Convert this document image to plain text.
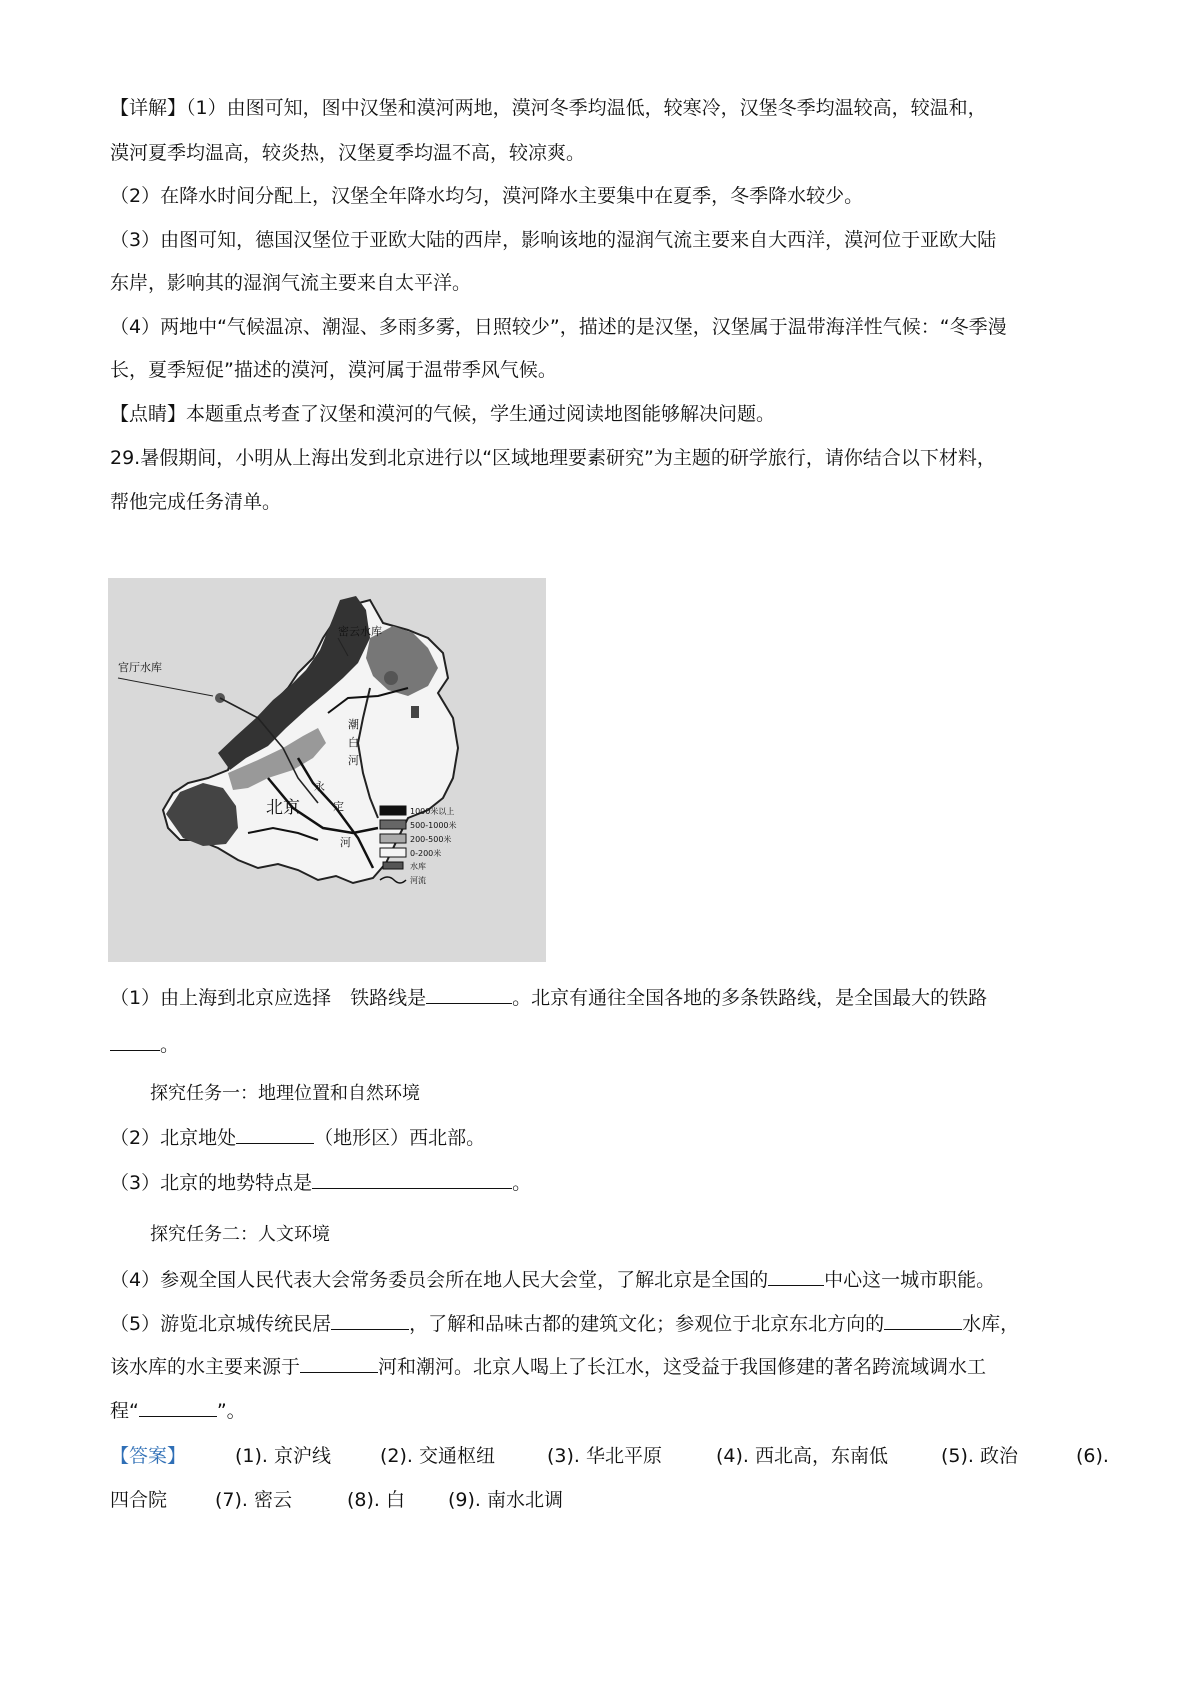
【详解】（1）由图可知，图中汉堡和漠河两地，漠河冬季均温低，较寒冷，汉堡冬季均温较高，较温和，
漠河夏季均温高，较炎热，汉堡夏季均温不高，较凉爽。
（2）在降水时间分配上，汉堡全年降水均匀，漠河降水主要集中在夏季，冬季降水较少。
（3）由图可知，德国汉堡位于亚欧大陆的西岸，影响该地的湿润气流主要来自大西洋，漠河位于亚欧大陆
东岸，影响其的湿润气流主要来自太平洋。
（4）两地中“气候温凉、潮湿、多雨多雾，日照较少”，描述的是汉堡，汉堡属于温带海洋性气候：“冬季漫
长，夏季短促”描述的漠河，漠河属于温带季风气候。
【点睛】本题重点考查了汉堡和漠河的气候，学生通过阅读地图能够解决问题。
29.暑假期间，小明从上海出发到北京进行以“区域地理要素研究”为主题的研学旅行，请你结合以下材料，
帮他完成任务清单。
密云水库
官厅水库
北京
潮
白
河
永
定
河
1000米以上
500-1000米
200-500米
0-200米
水库
河流
（1）由上海到北京应选择　铁路线是	。北京有通往全国各地的多条铁路线，是全国最大的铁路
。
探究任务一：地理位置和自然环境
（2）北京地处	（地形区）西北部。
（3）北京的地势特点是	。
探究任务二：人文环境
（4）参观全国人民代表大会常务委员会所在地人民大会堂，了解北京是全国的	中心这一城市职能。
（5）游览北京城传统民居	，了解和品味古都的建筑文化；参观位于北京东北方向的	水库，
该水库的水主要来源于	河和潮河。北京人喝上了长江水，这受益于我国修建的著名跨流域调水工
程“	”。
【答案】	(1). 京沪线	(2). 交通枢纽	(3). 华北平原	(4). 西北高，东南低	(5). 政治	(6).
四合院	(7). 密云	(8). 白 (9). 南水北调
